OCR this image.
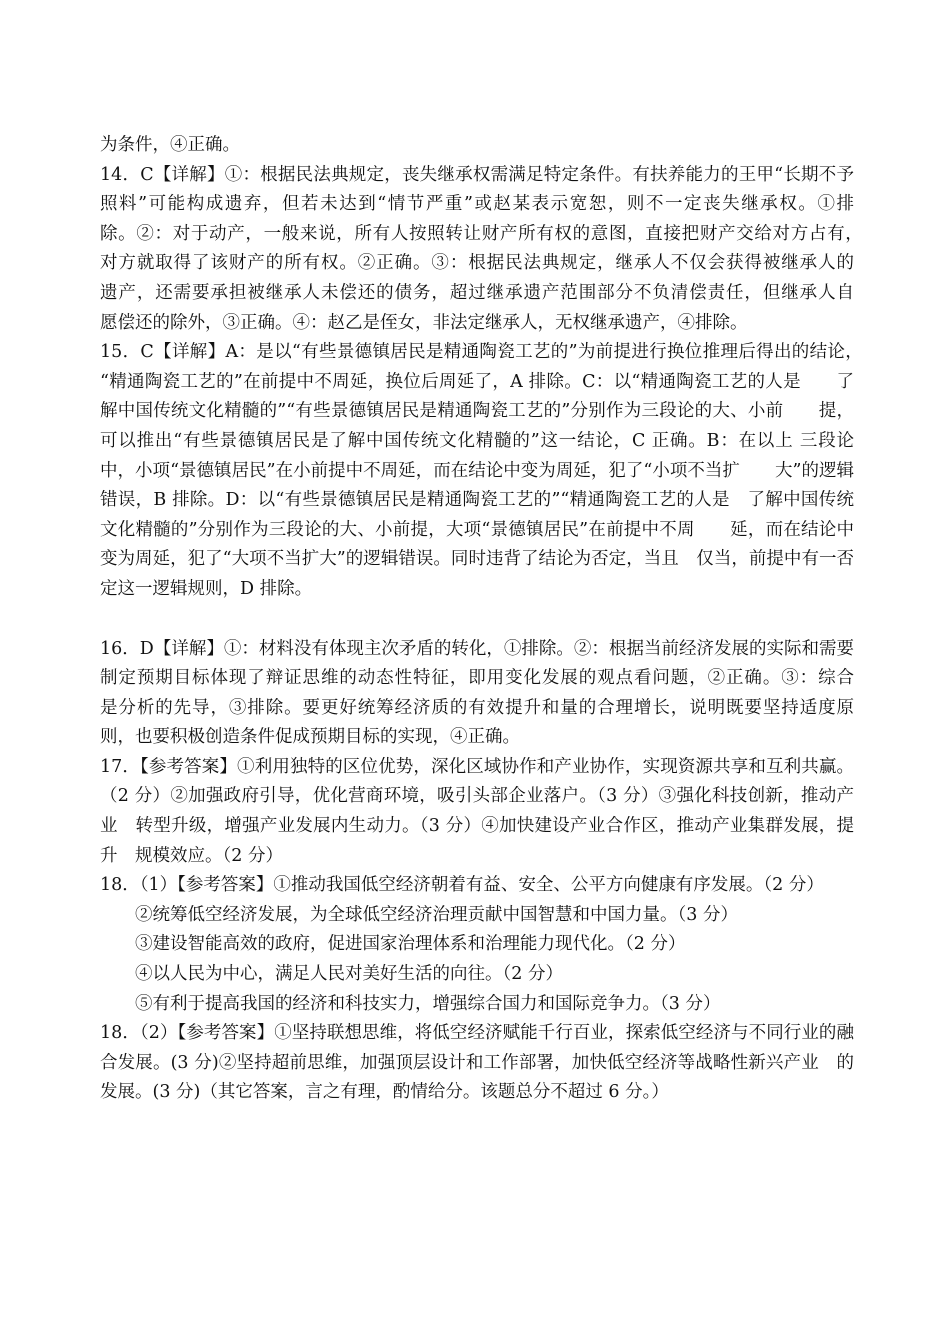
为条件，④正确。

14．C【详解】①：根据民法典规定，丧失继承权需满足特定条件。有扶养能力的王甲“长期不予　照料”可能构成遗弃，但若未达到“情节严重”或赵某表示宽恕，则不一定丧失继承权。①排　　除。②：对于动产，一般来说，所有人按照转让财产所有权的意图，直接把财产交给对方占有，　　对方就取得了该财产的所有权。②正确。③：根据民法典规定，继承人不仅会获得被继承人的　　遗产，还需要承担被继承人未偿还的债务，超过继承遗产范围部分不负清偿责任，但继承人自　　愿偿还的除外，③正确。④：赵乙是侄女，非法定继承人，无权继承遗产，④排除。

15．C【详解】A：是以“有些景德镇居民是精通陶瓷工艺的”为前提进行换位推理后得出的结论，　　“精通陶瓷工艺的”在前提中不周延，换位后周延了，A 排除。C：以“精通陶瓷工艺的人是　　了解中国传统文化精髓的”“有些景德镇居民是精通陶瓷工艺的”分别作为三段论的大、小前　　提，可以推出“有些景德镇居民是了解中国传统文化精髓的”这一结论，C 正确。B：在以上 三段论中，小项“景德镇居民”在小前提中不周延，而在结论中变为周延，犯了“小项不当扩　　大”的逻辑错误，B 排除。D：以“有些景德镇居民是精通陶瓷工艺的”“精通陶瓷工艺的人是　了解中国传统文化精髓的”分别作为三段论的大、小前提，大项“景德镇居民”在前提中不周　　延，而在结论中变为周延，犯了“大项不当扩大”的逻辑错误。同时违背了结论为否定，当且　仅当，前提中有一否定这一逻辑规则，D 排除。

16．D【详解】①：材料没有体现主次矛盾的转化，①排除。②：根据当前经济发展的实际和需要　　制定预期目标体现了辩证思维的动态性特征，即用变化发展的观点看问题，②正确。③：综合　　是分析的先导，③排除。要更好统筹经济质的有效提升和量的合理增长，说明既要坚持适度原　　则，也要积极创造条件促成预期目标的实现，④正确。

17．【参考答案】①利用独特的区位优势，深化区域协作和产业协作，实现资源共享和互利共赢。（2 分）②加强政府引导，优化营商环境，吸引头部企业落户。（3 分）③强化科技创新，推动产业　转型升级，增强产业发展内生动力。（3 分）④加快建设产业合作区，推动产业集群发展，提升　规模效应。（2 分）

18．（1）【参考答案】①推动我国低空经济朝着有益、安全、公平方向健康有序发展。（2 分）

②统筹低空经济发展，为全球低空经济治理贡献中国智慧和中国力量。（3 分）

③建设智能高效的政府，促进国家治理体系和治理能力现代化。（2 分）

④以人民为中心，满足人民对美好生活的向往。（2 分）

⑤有利于提高我国的经济和科技实力，增强综合国力和国际竞争力。（3 分）

18．（2）【参考答案】①坚持联想思维，将低空经济赋能千行百业，探索低空经济与不同行业的融　合发展。(3 分)②坚持超前思维，加强顶层设计和工作部署，加快低空经济等战略性新兴产业　的发展。(3 分)（其它答案，言之有理，酌情给分。该题总分不超过 6 分。）
